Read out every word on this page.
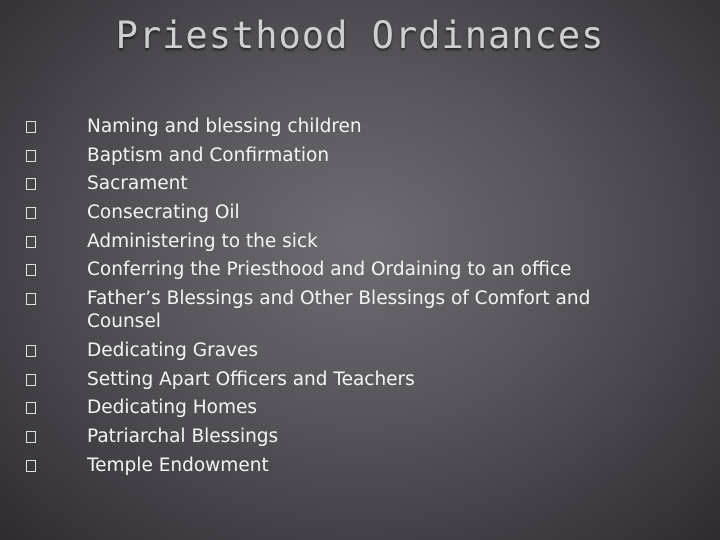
Priesthood Ordinances
Naming and blessing children
Baptism and Confirmation
Sacrament
Consecrating Oil
Administering to the sick
Conferring the Priesthood and Ordaining to an office
Father’s Blessings and Other Blessings of Comfort and Counsel
Dedicating Graves
Setting Apart Officers and Teachers
Dedicating Homes
Patriarchal Blessings
Temple Endowment
